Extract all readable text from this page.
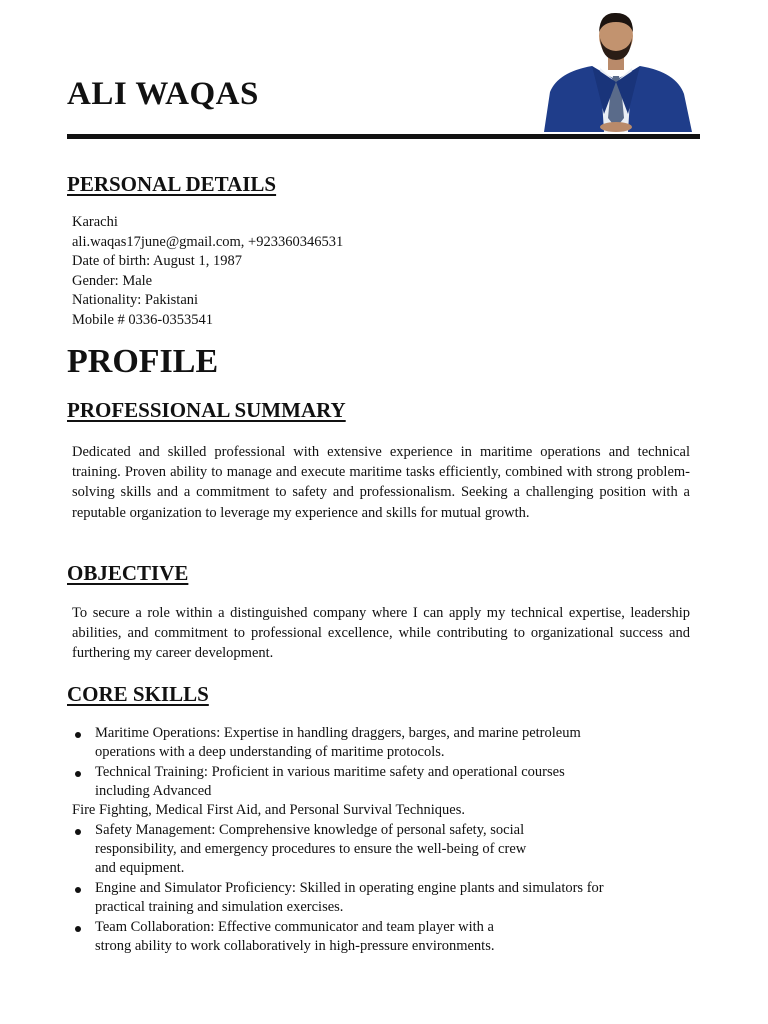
ALI WAQAS
PERSONAL DETAILS
Karachi
ali.waqas17june@gmail.com, +923360346531
Date of birth: August 1, 1987
Gender: Male
Nationality: Pakistani
Mobile # 0336-0353541
PROFILE
PROFESSIONAL SUMMARY

Dedicated and skilled professional with extensive experience in maritime operations and technical training. Proven ability to manage and execute maritime tasks efficiently, combined with strong problem-solving skills and a commitment to safety and professionalism. Seeking a challenging position with a reputable organization to leverage my experience and skills for mutual growth.

OBJECTIVE

To secure a role within a distinguished company where I can apply my technical expertise, leadership abilities, and commitment to professional excellence, while contributing to organizational success and furthering my career development.

CORE SKILLS
Maritime Operations: Expertise in handling draggers, barges, and marine petroleum
operations with a deep understanding of maritime protocols.
Technical Training: Proficient in various maritime safety and operational courses
including Advanced
Fire Fighting, Medical First Aid, and Personal Survival Techniques.
Safety Management: Comprehensive knowledge of personal safety, social
responsibility, and emergency procedures to ensure the well-being of crew
and equipment.
Engine and Simulator Proficiency: Skilled in operating engine plants and simulators for
practical training and simulation exercises.
Team Collaboration: Effective communicator and team player with a
strong ability to work collaboratively in high-pressure environments.
